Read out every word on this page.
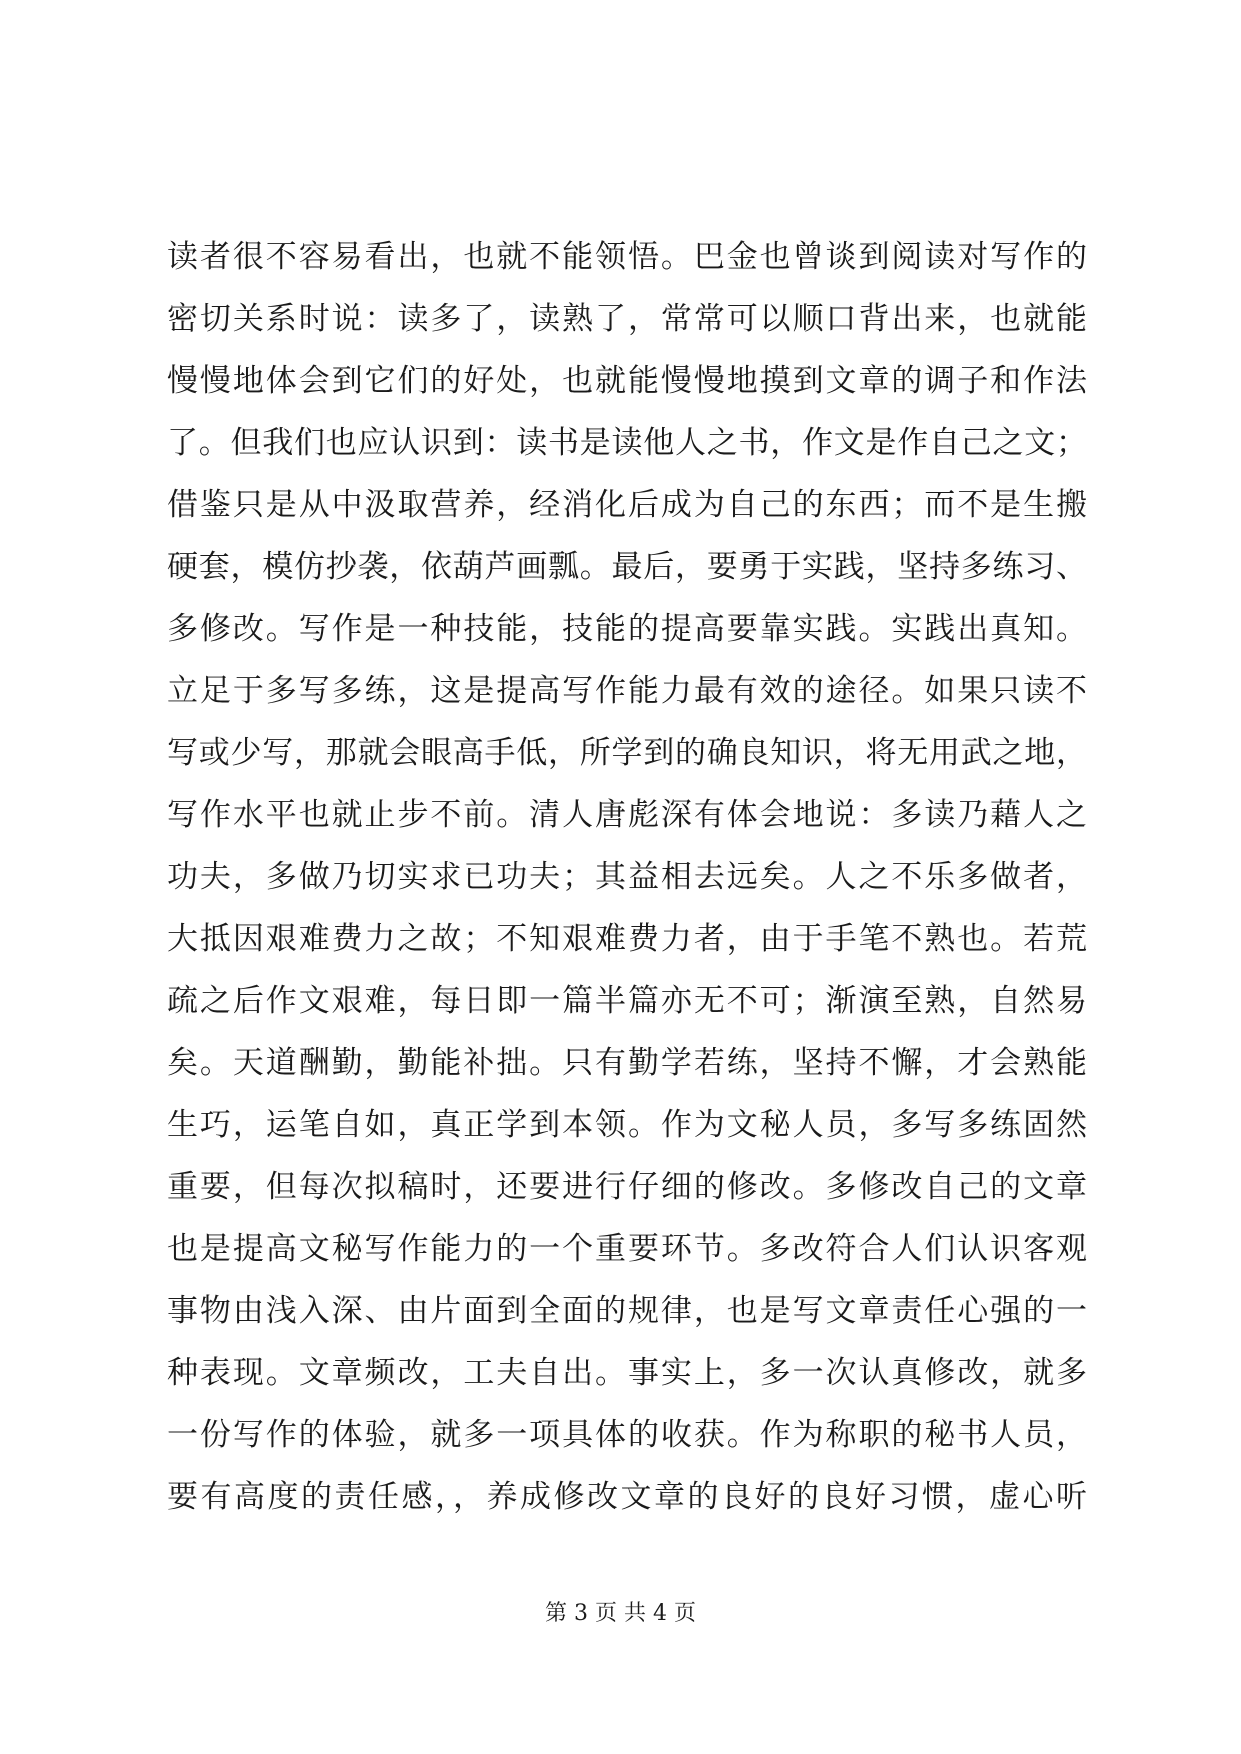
读者很不容易看出，也就不能领悟。巴金也曾谈到阅读对写作的
密切关系时说：读多了，读熟了，常常可以顺口背出来，也就能
慢慢地体会到它们的好处，也就能慢慢地摸到文章的调子和作法
了。但我们也应认识到：读书是读他人之书，作文是作自己之文；
借鉴只是从中汲取营养，经消化后成为自己的东西；而不是生搬
硬套，模仿抄袭，依葫芦画瓢。最后，要勇于实践，坚持多练习、
多修改。写作是一种技能，技能的提高要靠实践。实践出真知。
立足于多写多练，这是提高写作能力最有效的途径。如果只读不
写或少写，那就会眼高手低，所学到的确良知识，将无用武之地，
写作水平也就止步不前。清人唐彪深有体会地说：多读乃藉人之
功夫，多做乃切实求已功夫；其益相去远矣。人之不乐多做者，
大抵因艰难费力之故；不知艰难费力者，由于手笔不熟也。若荒
疏之后作文艰难，每日即一篇半篇亦无不可；渐演至熟，自然易
矣。天道酬勤，勤能补拙。只有勤学若练，坚持不懈，才会熟能
生巧，运笔自如，真正学到本领。作为文秘人员，多写多练固然
重要，但每次拟稿时，还要进行仔细的修改。多修改自己的文章
也是提高文秘写作能力的一个重要环节。多改符合人们认识客观
事物由浅入深、由片面到全面的规律，也是写文章责任心强的一
种表现。文章频改，工夫自出。事实上，多一次认真修改，就多
一份写作的体验，就多一项具体的收获。作为称职的秘书人员，
要有高度的责任感，，养成修改文章的良好的良好习惯，虚心听
第 3 页 共 4 页
